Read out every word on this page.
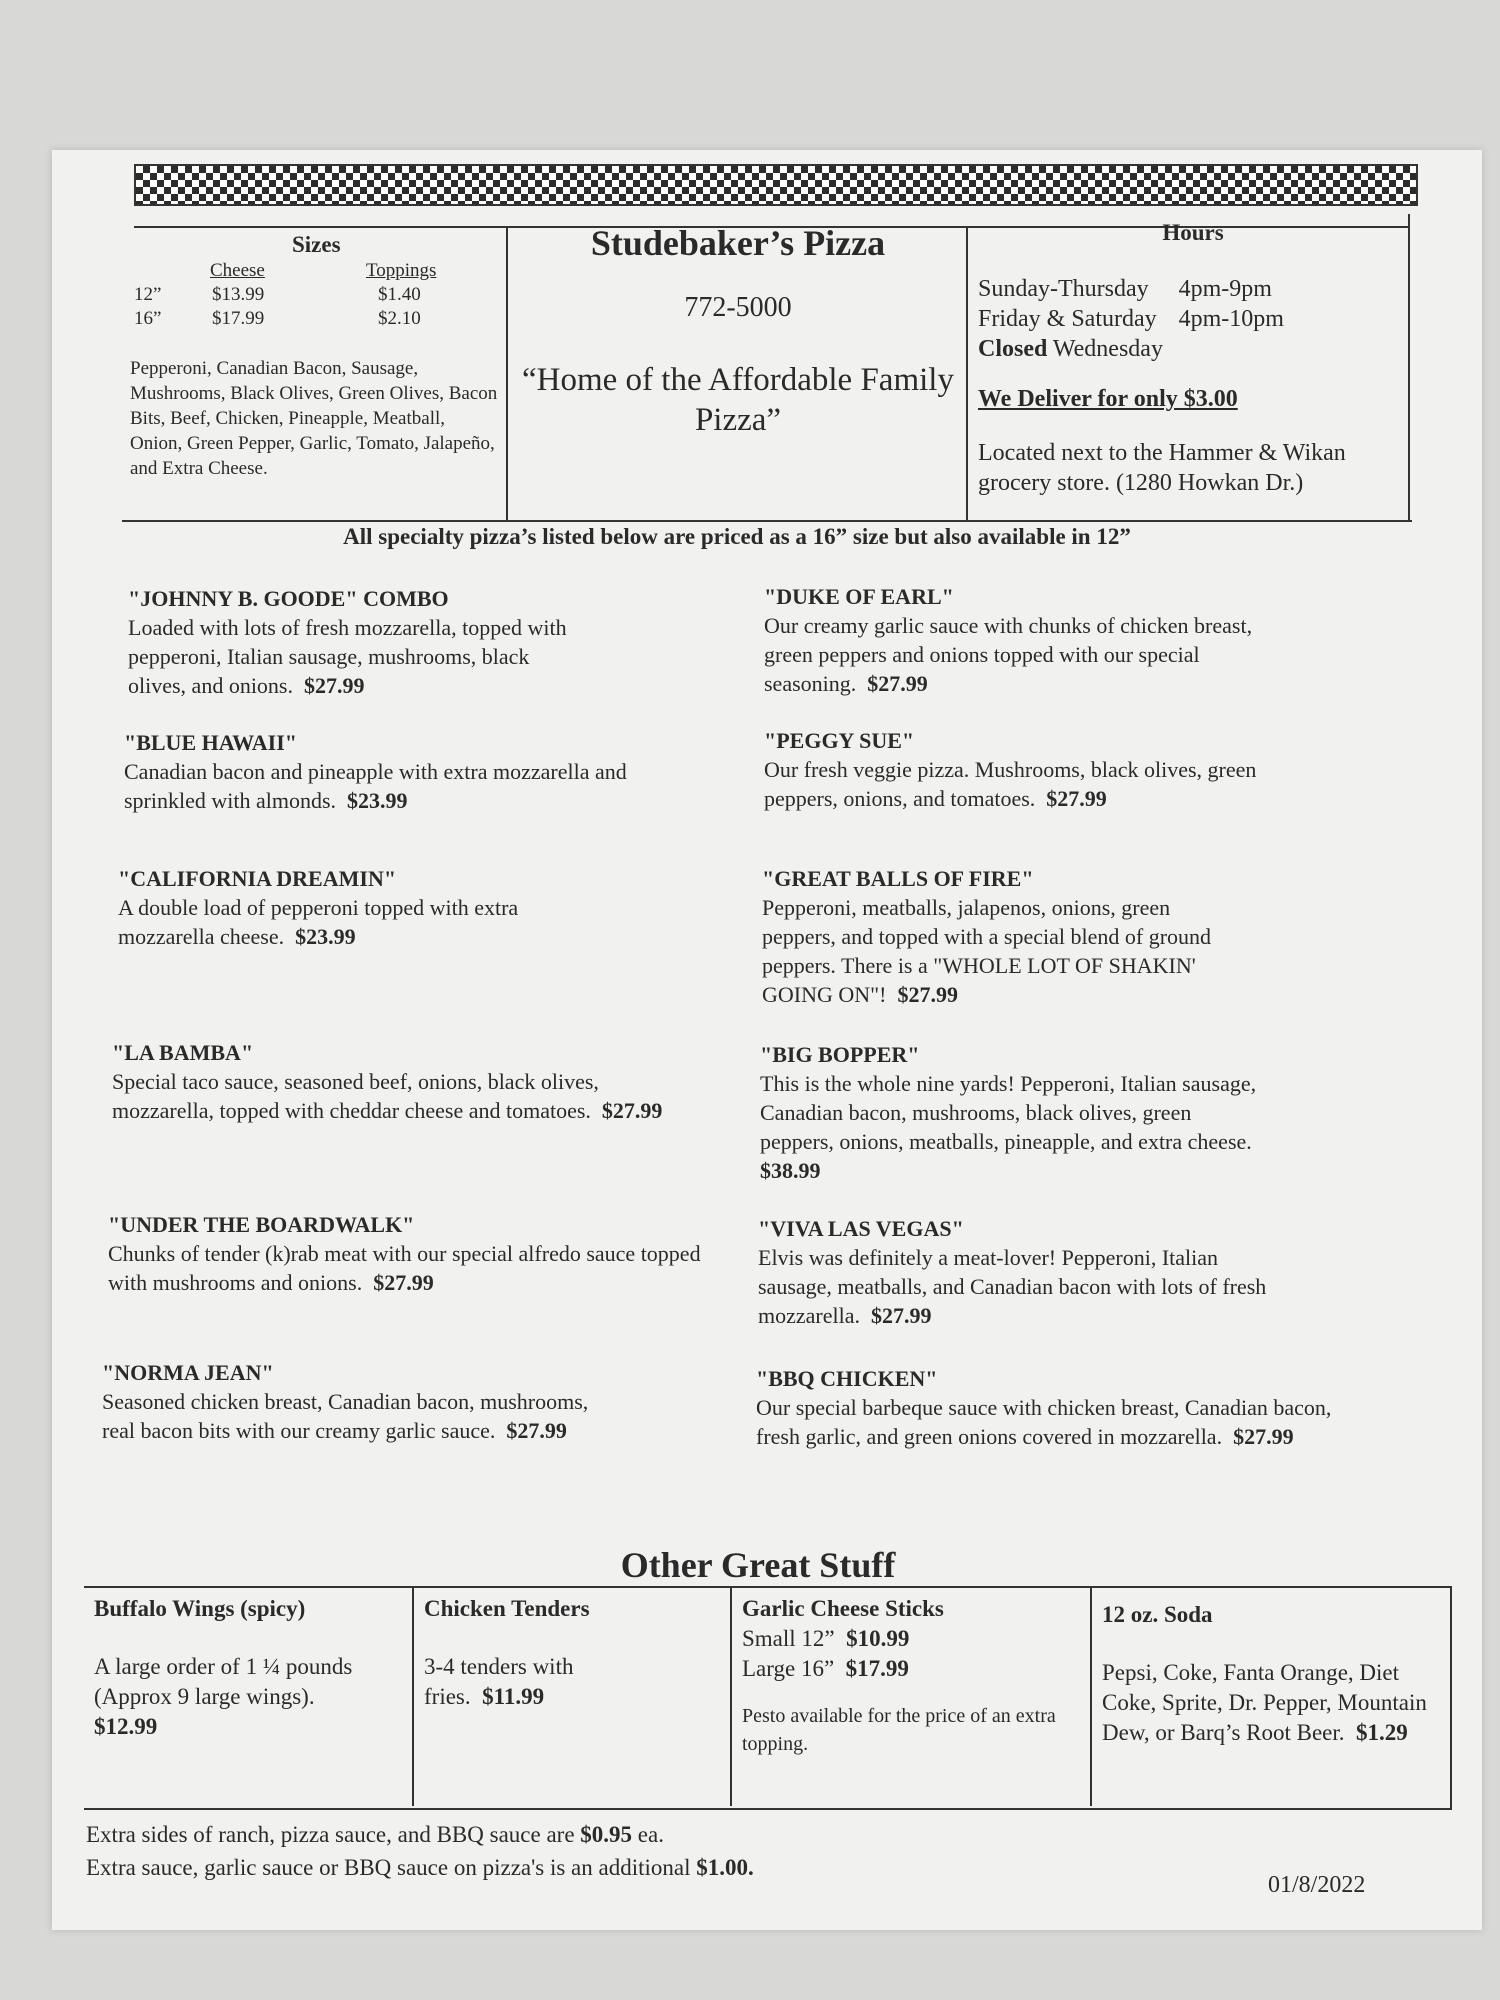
Sizes
Cheese	Toppings
12”	$13.99	$1.40
16”	$17.99	$2.10
Pepperoni, Canadian Bacon, Sausage, Mushrooms, Black Olives, Green Olives, Bacon Bits, Beef, Chicken, Pineapple, Meatball, Onion, Green Pepper, Garlic, Tomato, Jalapeño, and Extra Cheese.
Studebaker’s Pizza
772-5000
“Home of the Affordable Family Pizza”
Hours
Sunday-Thursday 4pm-9pm
Friday & Saturday 4pm-10pm
Closed Wednesday
We Deliver for only $3.00
Located next to the Hammer & Wikan grocery store. (1280 Howkan Dr.)
All specialty pizza’s listed below are priced as a 16” size but also available in 12”
"JOHNNY B. GOODE" COMBO
Loaded with lots of fresh mozzarella, topped with pepperoni, Italian sausage, mushrooms, black olives, and onions. $27.99
"BLUE HAWAII"
Canadian bacon and pineapple with extra mozzarella and sprinkled with almonds. $23.99
"CALIFORNIA DREAMIN"
A double load of pepperoni topped with extra mozzarella cheese. $23.99
"LA BAMBA"
Special taco sauce, seasoned beef, onions, black olives, mozzarella, topped with cheddar cheese and tomatoes. $27.99
"UNDER THE BOARDWALK"
Chunks of tender (k)rab meat with our special alfredo sauce topped with mushrooms and onions. $27.99
"NORMA JEAN"
Seasoned chicken breast, Canadian bacon, mushrooms, real bacon bits with our creamy garlic sauce. $27.99
"DUKE OF EARL"
Our creamy garlic sauce with chunks of chicken breast, green peppers and onions topped with our special seasoning. $27.99
"PEGGY SUE"
Our fresh veggie pizza. Mushrooms, black olives, green peppers, onions, and tomatoes. $27.99
"GREAT BALLS OF FIRE"
Pepperoni, meatballs, jalapenos, onions, green peppers, and topped with a special blend of ground peppers. There is a "WHOLE LOT OF SHAKIN' GOING ON"! $27.99
"BIG BOPPER"
This is the whole nine yards! Pepperoni, Italian sausage, Canadian bacon, mushrooms, black olives, green peppers, onions, meatballs, pineapple, and extra cheese.  $38.99
"VIVA LAS VEGAS"
Elvis was definitely a meat-lover! Pepperoni, Italian sausage, meatballs, and Canadian bacon with lots of fresh mozzarella. $27.99
"BBQ CHICKEN"
Our special barbeque sauce with chicken breast, Canadian bacon, fresh garlic, and green onions covered in mozzarella. $27.99
Other Great Stuff
Buffalo Wings (spicy)
A large order of 1 ¼ pounds (Approx 9 large wings).
$12.99
Chicken Tenders
3-4 tenders with fries. $11.99
Garlic Cheese Sticks
Small 12” $10.99
Large 16” $17.99
Pesto available for the price of an extra topping.
12 oz. Soda
Pepsi, Coke, Fanta Orange, Diet Coke, Sprite, Dr. Pepper, Mountain Dew, or Barq’s Root Beer. $1.29
Extra sides of ranch, pizza sauce, and BBQ sauce are $0.95 ea.
Extra sauce, garlic sauce or BBQ sauce on pizza's is an additional $1.00.
01/8/2022
